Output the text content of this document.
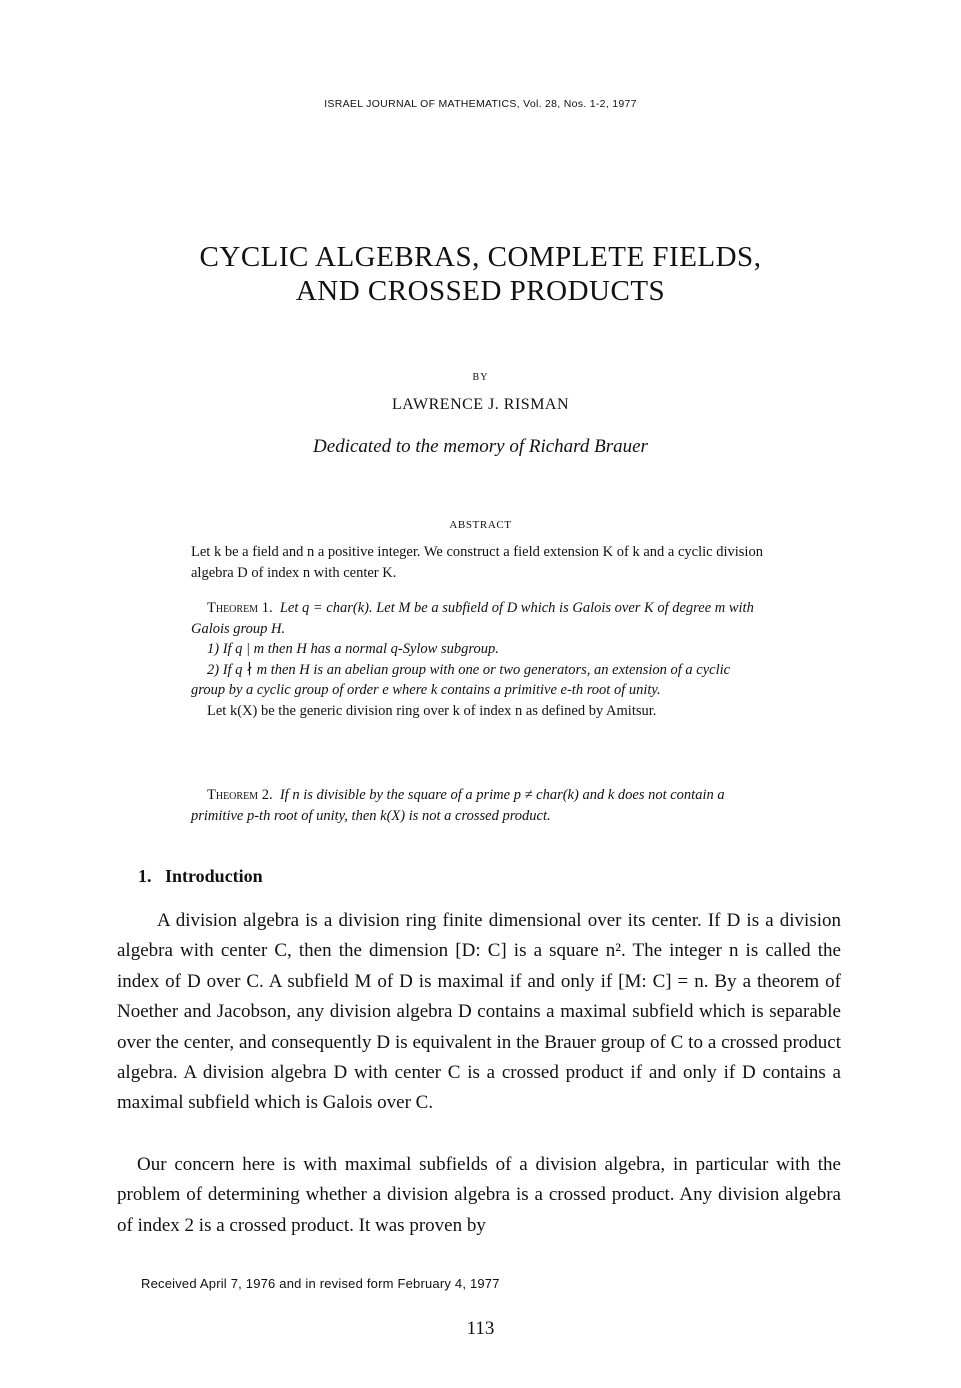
ISRAEL JOURNAL OF MATHEMATICS, Vol. 28, Nos. 1-2, 1977
CYCLIC ALGEBRAS, COMPLETE FIELDS,
AND CROSSED PRODUCTS
BY
LAWRENCE J. RISMAN
Dedicated to the memory of Richard Brauer
ABSTRACT

Let k be a field and n a positive integer. We construct a field extension K of k and a cyclic division algebra D of index n with center K.

Theorem 1. Let q = char(k). Let M be a subfield of D which is Galois over K of degree m with Galois group H.

1) If q | m then H has a normal q-Sylow subgroup.

2) If q ∤ m then H is an abelian group with one or two generators, an extension of a cyclic group by a cyclic group of order e where k contains a primitive e-th root of unity.

Let k(X) be the generic division ring over k of index n as defined by Amitsur.

Theorem 2. If n is divisible by the square of a prime p ≠ char(k) and k does not contain a primitive p-th root of unity, then k(X) is not a crossed product.

1. Introduction

A division algebra is a division ring finite dimensional over its center. If D is a division algebra with center C, then the dimension [D: C] is a square n². The integer n is called the index of D over C. A subfield M of D is maximal if and only if [M: C] = n. By a theorem of Noether and Jacobson, any division algebra D contains a maximal subfield which is separable over the center, and consequently D is equivalent in the Brauer group of C to a crossed product algebra. A division algebra D with center C is a crossed product if and only if D contains a maximal subfield which is Galois over C.

Our concern here is with maximal subfields of a division algebra, in particular with the problem of determining whether a division algebra is a crossed product. Any division algebra of index 2 is a crossed product. It was proven by

Received April 7, 1976 and in revised form February 4, 1977
113
